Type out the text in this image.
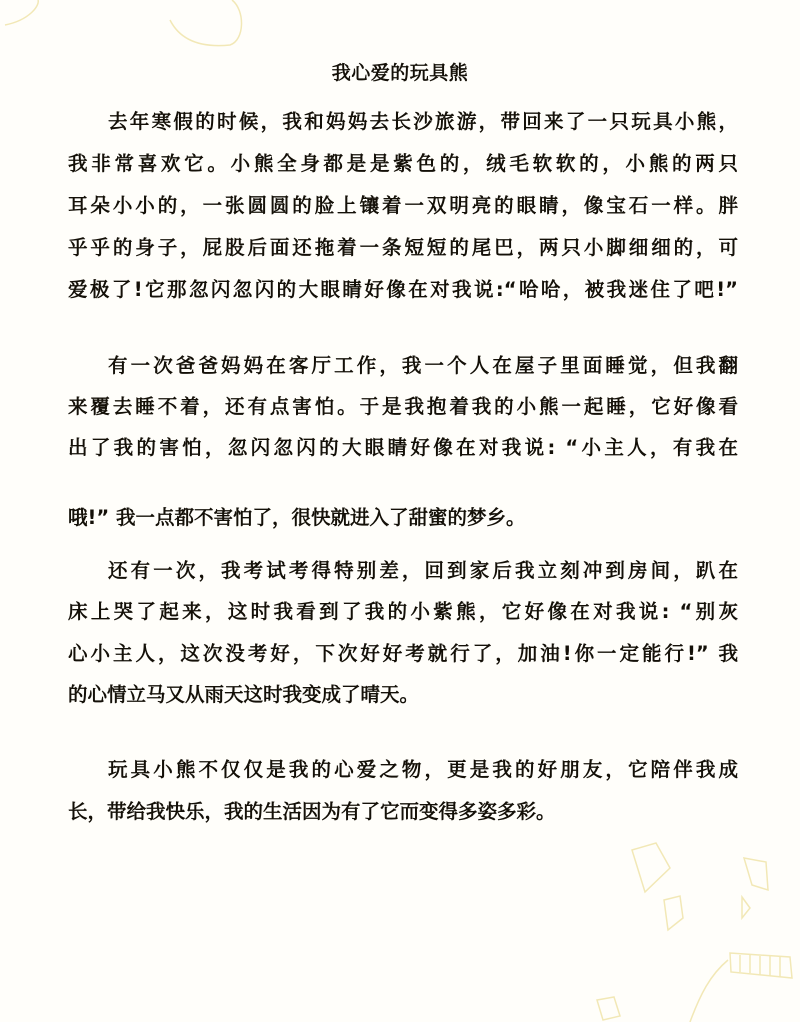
我心爱的玩具熊
去年寒假的时候，我和妈妈去长沙旅游，带回来了一只玩具小熊，
我非常喜欢它。小熊全身都是是紫色的，绒毛软软的，小熊的两只
耳朵小小的，一张圆圆的脸上镶着一双明亮的眼睛，像宝石一样。胖
乎乎的身子，屁股后面还拖着一条短短的尾巴，两只小脚细细的，可
爱极了!它那忽闪忽闪的大眼睛好像在对我说:“哈哈，被我迷住了吧!”
有一次爸爸妈妈在客厅工作，我一个人在屋子里面睡觉，但我翻
来覆去睡不着，还有点害怕。于是我抱着我的小熊一起睡，它好像看
出了我的害怕，忽闪忽闪的大眼睛好像在对我说: “小主人，有我在
哦!” 我一点都不害怕了，很快就进入了甜蜜的梦乡。
还有一次，我考试考得特别差，回到家后我立刻冲到房间，趴在
床上哭了起来，这时我看到了我的小紫熊，它好像在对我说: “别灰
心小主人，这次没考好，下次好好考就行了，加油!你一定能行!” 我
的心情立马又从雨天这时我变成了晴天。
玩具小熊不仅仅是我的心爱之物，更是我的好朋友，它陪伴我成
长，带给我快乐，我的生活因为有了它而变得多姿多彩。
